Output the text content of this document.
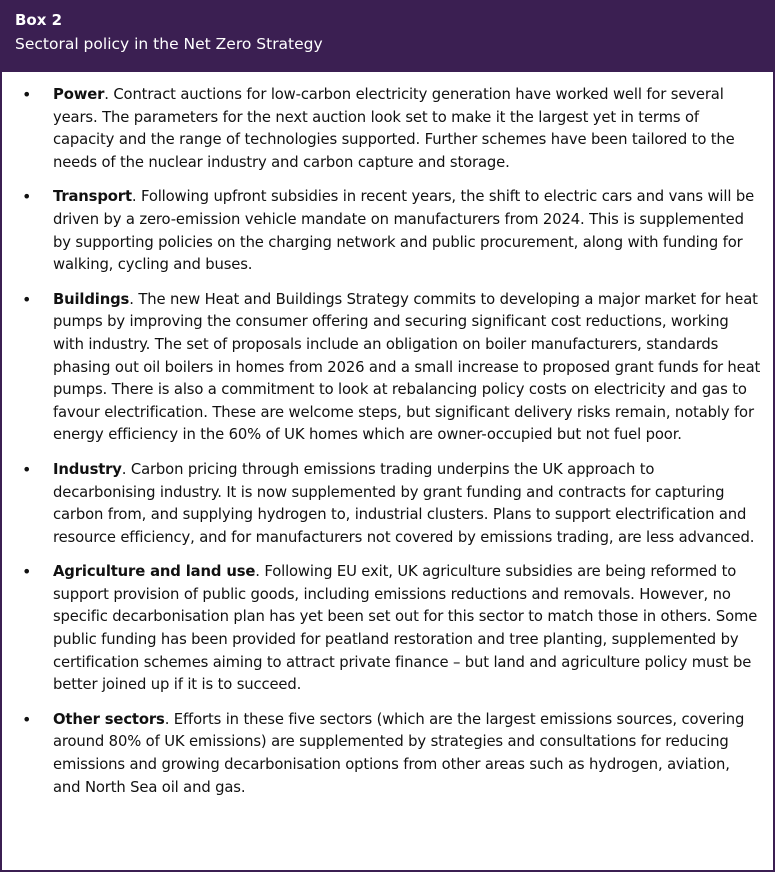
Box 2
Sectoral policy in the Net Zero Strategy
• Power. Contract auctions for low-carbon electricity generation have worked well for several years. The parameters for the next auction look set to make it the largest yet in terms of capacity and the range of technologies supported. Further schemes have been tailored to the needs of the nuclear industry and carbon capture and storage.
• Transport. Following upfront subsidies in recent years, the shift to electric cars and vans will be driven by a zero-emission vehicle mandate on manufacturers from 2024. This is supplemented by supporting policies on the charging network and public procurement, along with funding for walking, cycling and buses.
• Buildings. The new Heat and Buildings Strategy commits to developing a major market for heat pumps by improving the consumer offering and securing significant cost reductions, working with industry. The set of proposals include an obligation on boiler manufacturers, standards phasing out oil boilers in homes from 2026 and a small increase to proposed grant funds for heat pumps. There is also a commitment to look at rebalancing policy costs on electricity and gas to favour electrification. These are welcome steps, but significant delivery risks remain, notably for energy efficiency in the 60% of UK homes which are owner-occupied but not fuel poor.
• Industry. Carbon pricing through emissions trading underpins the UK approach to decarbonising industry. It is now supplemented by grant funding and contracts for capturing carbon from, and supplying hydrogen to, industrial clusters. Plans to support electrification and resource efficiency, and for manufacturers not covered by emissions trading, are less advanced.
• Agriculture and land use. Following EU exit, UK agriculture subsidies are being reformed to support provision of public goods, including emissions reductions and removals. However, no specific decarbonisation plan has yet been set out for this sector to match those in others. Some public funding has been provided for peatland restoration and tree planting, supplemented by certification schemes aiming to attract private finance – but land and agriculture policy must be better joined up if it is to succeed.
• Other sectors. Efforts in these five sectors (which are the largest emissions sources, covering around 80% of UK emissions) are supplemented by strategies and consultations for reducing emissions and growing decarbonisation options from other areas such as hydrogen, aviation, and North Sea oil and gas.
